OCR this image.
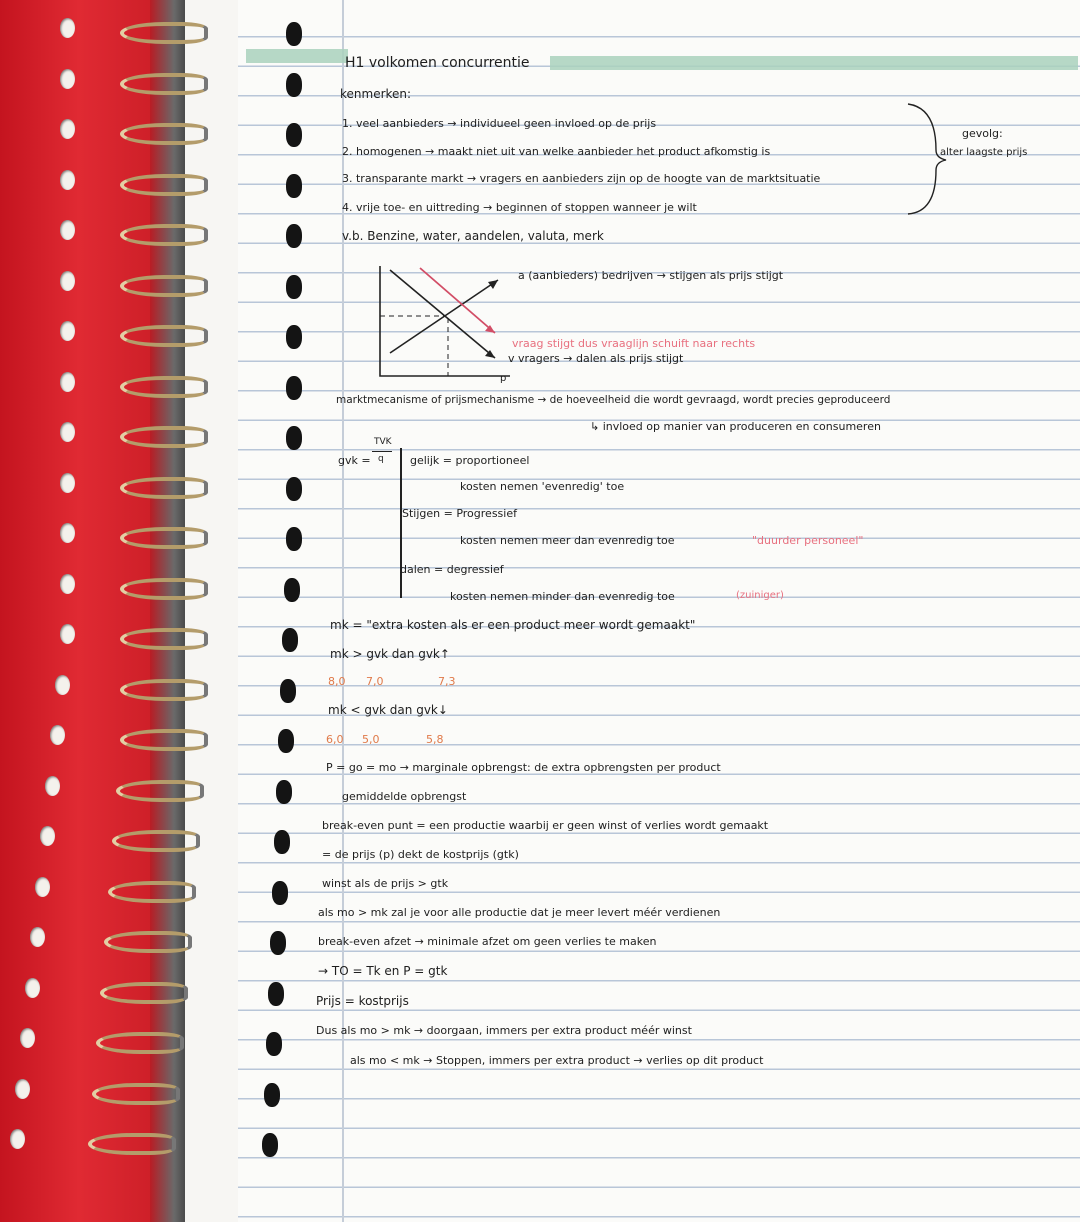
H1 volkomen concurrentie
kenmerken:
1. veel aanbieders → individueel geen invloed op de prijs
2. homogenen → maakt niet uit van welke aanbieder het product afkomstig is
3. transparante markt → vragers en aanbieders zijn op de hoogte van de marktsituatie
4. vrije toe- en uittreding → beginnen of stoppen wanneer je wilt
v.b. Benzine, water, aandelen, valuta, merk
gevolg:
alter laagste prijs
a (aanbieders) bedrijven → stijgen als prijs stijgt
vraag stijgt dus vraaglijn schuift naar rechts
v vragers → dalen als prijs stijgt
p
marktmecanisme of prijsmechanisme → de hoeveelheid die wordt gevraagd, wordt precies geproduceerd
↳ invloed op manier van produceren en consumeren
gvk =
TVK
q gelijk = proportioneel
kosten nemen 'evenredig' toe
Stijgen = Progressief
kosten nemen meer dan evenredig toe	"duurder personeel"
dalen = degressief
kosten nemen minder dan evenredig toe	(zuiniger)
mk = "extra kosten als er een product meer wordt gemaakt"
mk > gvk dan gvk↑
8,0 7,0	7,3
mk < gvk dan gvk↓
6,0 5,0	5,8
P = go = mo → marginale opbrengst: de extra opbrengsten per product
gemiddelde opbrengst
break-even punt = een productie waarbij er geen winst of verlies wordt gemaakt
= de prijs (p) dekt de kostprijs (gtk)
winst als de prijs > gtk
als mo > mk zal je voor alle productie dat je meer levert méér verdienen
break-even afzet → minimale afzet om geen verlies te maken
→ TO = Tk en P = gtk
Prijs = kostprijs
Dus als mo > mk → doorgaan, immers per extra product méér winst
als mo < mk → Stoppen, immers per extra product → verlies op dit product
